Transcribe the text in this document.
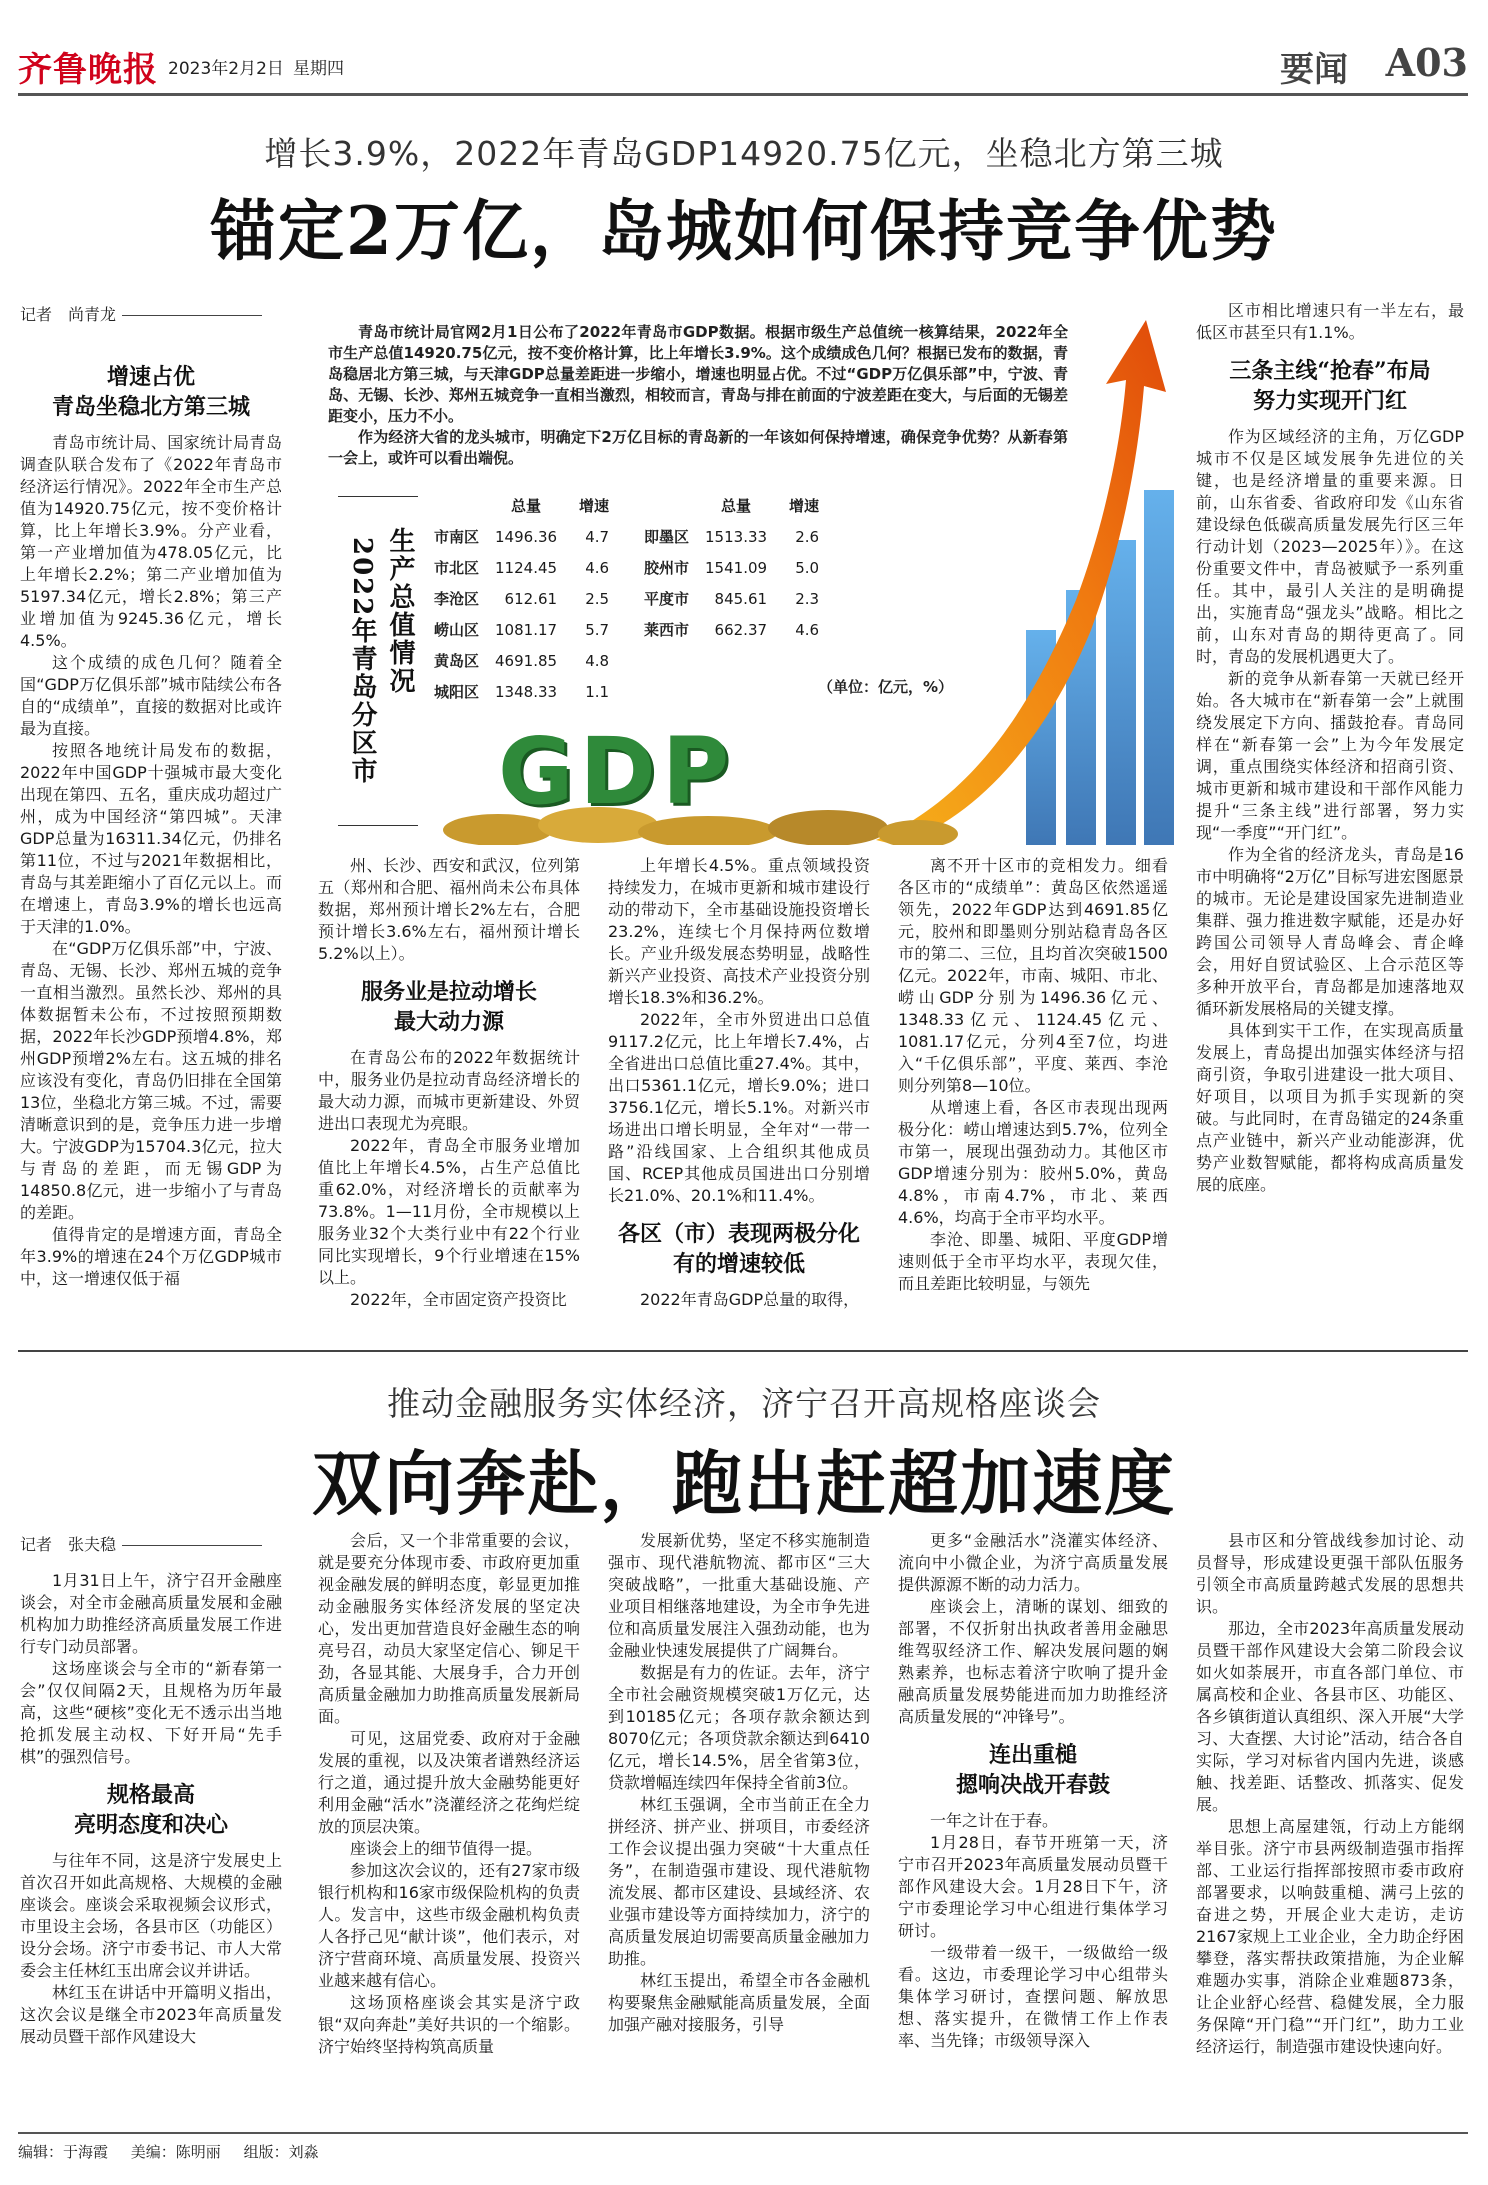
齐鲁晚报 2023年2月2日 星期四	要闻 A03
增长3.9%，2022年青岛GDP14920.75亿元，坐稳北方第三城
锚定2万亿，岛城如何保持竞争优势
记者　尚青龙
增速占优
青岛坐稳北方第三城

青岛市统计局、国家统计局青岛调查队联合发布了《2022年青岛市经济运行情况》。2022年全市生产总值为14920.75亿元，按不变价格计算，比上年增长3.9%。分产业看，第一产业增加值为478.05亿元，比上年增长2.2%；第二产业增加值为5197.34亿元，增长2.8%；第三产业增加值为9245.36亿元，增长4.5%。

这个成绩的成色几何？随着全国“GDP万亿俱乐部”城市陆续公布各自的“成绩单”，直接的数据对比或许最为直接。

按照各地统计局发布的数据，2022年中国GDP十强城市最大变化出现在第四、五名，重庆成功超过广州，成为中国经济“第四城”。天津GDP总量为16311.34亿元，仍排名第11位，不过与2021年数据相比，青岛与其差距缩小了百亿元以上。而在增速上，青岛3.9%的增长也远高于天津的1.0%。

在“GDP万亿俱乐部”中，宁波、青岛、无锡、长沙、郑州五城的竞争一直相当激烈。虽然长沙、郑州的具体数据暂未公布，不过按照预期数据，2022年长沙GDP预增4.8%，郑州GDP预增2%左右。这五城的排名应该没有变化，青岛仍旧排在全国第13位，坐稳北方第三城。不过，需要清晰意识到的是，竞争压力进一步增大。宁波GDP为15704.3亿元，拉大与青岛的差距，而无锡GDP为14850.8亿元，进一步缩小了与青岛的差距。

值得肯定的是增速方面，青岛全年3.9%的增速在24个万亿GDP城市中，这一增速仅低于福

青岛市统计局官网2月1日公布了2022年青岛市GDP数据。根据市级生产总值统一核算结果，2022年全市生产总值14920.75亿元，按不变价格计算，比上年增长3.9%。这个成绩成色几何？根据已发布的数据，青岛稳居北方第三城，与天津GDP总量差距进一步缩小，增速也明显占优。不过“GDP万亿俱乐部”中，宁波、青岛、无锡、长沙、郑州五城竞争一直相当激烈，相较而言，青岛与排在前面的宁波差距在变大，与后面的无锡差距变小，压力不小。

作为经济大省的龙头城市，明确定下2万亿目标的青岛新的一年该如何保持增速，确保竞争优势？从新春第一会上，或许可以看出端倪。

生产总值情况
2022年青岛分区市
	总量	增速
市南区	1496.36	4.7
市北区	1124.45	4.6
李沧区	612.61	2.5
崂山区	1081.17	5.7
黄岛区	4691.85	4.8
城阳区	1348.33	1.1
	总量	增速
即墨区	1513.33	2.6
胶州市	1541.09	5.0
平度市	845.61	2.3
莱西市	662.37	4.6
（单位：亿元，%）
GDP

州、长沙、西安和武汉，位列第五（郑州和合肥、福州尚未公布具体数据，郑州预计增长2%左右，合肥预计增长3.6%左右，福州预计增长5.2%以上）。

服务业是拉动增长
最大动力源

在青岛公布的2022年数据统计中，服务业仍是拉动青岛经济增长的最大动力源，而城市更新建设、外贸进出口表现尤为亮眼。

2022年，青岛全市服务业增加值比上年增长4.5%，占生产总值比重62.0%，对经济增长的贡献率为73.8%。1—11月份，全市规模以上服务业32个大类行业中有22个行业同比实现增长，9个行业增速在15%以上。

2022年，全市固定资产投资比

上年增长4.5%。重点领域投资持续发力，在城市更新和城市建设行动的带动下，全市基础设施投资增长23.2%，连续七个月保持两位数增长。产业升级发展态势明显，战略性新兴产业投资、高技术产业投资分别增长18.3%和36.2%。

2022年，全市外贸进出口总值9117.2亿元，比上年增长7.4%，占全省进出口总值比重27.4%。其中，出口5361.1亿元，增长9.0%；进口3756.1亿元，增长5.1%。对新兴市场进出口增长明显，全年对“一带一路”沿线国家、上合组织其他成员国、RCEP其他成员国进出口分别增长21.0%、20.1%和11.4%。

各区（市）表现两极分化
有的增速较低

2022年青岛GDP总量的取得，

离不开十区市的竞相发力。细看各区市的“成绩单”：黄岛区依然遥遥领先，2022年GDP达到4691.85亿元，胶州和即墨则分别站稳青岛各区市的第二、三位，且均首次突破1500亿元。2022年，市南、城阳、市北、崂山GDP分别为1496.36亿元、1348.33亿元、1124.45亿元、1081.17亿元，分列4至7位，均进入“千亿俱乐部”，平度、莱西、李沧则分列第8—10位。

从增速上看，各区市表现出现两极分化：崂山增速达到5.7%，位列全市第一，展现出强劲动力。其他区市GDP增速分别为：胶州5.0%，黄岛4.8%，市南4.7%，市北、莱西4.6%，均高于全市平均水平。

李沧、即墨、城阳、平度GDP增速则低于全市平均水平，表现欠佳，而且差距比较明显，与领先

区市相比增速只有一半左右，最低区市甚至只有1.1%。

三条主线“抢春”布局
努力实现开门红

作为区域经济的主角，万亿GDP城市不仅是区域发展争先进位的关键，也是经济增量的重要来源。日前，山东省委、省政府印发《山东省建设绿色低碳高质量发展先行区三年行动计划（2023—2025年）》。在这份重要文件中，青岛被赋予一系列重任。其中，最引人关注的是明确提出，实施青岛“强龙头”战略。相比之前，山东对青岛的期待更高了。同时，青岛的发展机遇更大了。

新的竞争从新春第一天就已经开始。各大城市在“新春第一会”上就围绕发展定下方向、擂鼓抢春。青岛同样在“新春第一会”上为今年发展定调，重点围绕实体经济和招商引资、城市更新和城市建设和干部作风能力提升“三条主线”进行部署，努力实现“一季度”“开门红”。

作为全省的经济龙头，青岛是16市中明确将“2万亿”目标写进宏图愿景的城市。无论是建设国家先进制造业集群、强力推进数字赋能，还是办好跨国公司领导人青岛峰会、青企峰会，用好自贸试验区、上合示范区等多种开放平台，青岛都是加速落地双循环新发展格局的关键支撑。

具体到实干工作，在实现高质量发展上，青岛提出加强实体经济与招商引资，争取引进建设一批大项目、好项目，以项目为抓手实现新的突破。与此同时，在青岛锚定的24条重点产业链中，新兴产业动能澎湃，优势产业数智赋能，都将构成高质量发展的底座。

推动金融服务实体经济，济宁召开高规格座谈会
双向奔赴，跑出赶超加速度
记者　张夫稳

1月31日上午，济宁召开金融座谈会，对全市金融高质量发展和金融机构加力助推经济高质量发展工作进行专门动员部署。

这场座谈会与全市的“新春第一会”仅仅间隔2天，且规格为历年最高，这些“硬核”变化无不透示出当地抢抓发展主动权、下好开局“先手棋”的强烈信号。

规格最高
亮明态度和决心

与往年不同，这是济宁发展史上首次召开如此高规格、大规模的金融座谈会。座谈会采取视频会议形式，市里设主会场，各县市区（功能区）设分会场。济宁市委书记、市人大常委会主任林红玉出席会议并讲话。

林红玉在讲话中开篇明义指出，这次会议是继全市2023年高质量发展动员暨干部作风建设大

会后，又一个非常重要的会议，就是要充分体现市委、市政府更加重视金融发展的鲜明态度，彰显更加推动金融服务实体经济发展的坚定决心，发出更加营造良好金融生态的响亮号召，动员大家坚定信心、铆足干劲，各显其能、大展身手，合力开创高质量金融加力助推高质量发展新局面。

可见，这届党委、政府对于金融发展的重视，以及决策者谱熟经济运行之道，通过提升放大金融势能更好利用金融“活水”浇灌经济之花绚烂绽放的顶层决策。

座谈会上的细节值得一提。

参加这次会议的，还有27家市级银行机构和16家市级保险机构的负责人。发言中，这些市级金融机构负责人各抒己见“献计谈”，他们表示，对济宁营商环境、高质量发展、投资兴业越来越有信心。

这场顶格座谈会其实是济宁政银“双向奔赴”美好共识的一个缩影。济宁始终坚持构筑高质量

发展新优势，坚定不移实施制造强市、现代港航物流、都市区“三大突破战略”，一批重大基础设施、产业项目相继落地建设，为全市争先进位和高质量发展注入强劲动能，也为金融业快速发展提供了广阔舞台。

数据是有力的佐证。去年，济宁全市社会融资规模突破1万亿元，达到10185亿元；各项存款余额达到8070亿元；各项贷款余额达到6410亿元，增长14.5%，居全省第3位，贷款增幅连续四年保持全省前3位。

林红玉强调，全市当前正在全力拼经济、拼产业、拼项目，市委经济工作会议提出强力突破“十大重点任务”，在制造强市建设、现代港航物流发展、都市区建设、县域经济、农业强市建设等方面持续加力，济宁的高质量发展迫切需要高质量金融加力助推。

林红玉提出，希望全市各金融机构要聚焦金融赋能高质量发展，全面加强产融对接服务，引导

更多“金融活水”浇灌实体经济、流向中小微企业，为济宁高质量发展提供源源不断的动力活力。

座谈会上，清晰的谋划、细致的部署，不仅折射出执政者善用金融思维驾驭经济工作、解决发展问题的娴熟素养，也标志着济宁吹响了提升金融高质量发展势能进而加力助推经济高质量发展的“冲锋号”。

连出重槌
摁响决战开春鼓

一年之计在于春。

1月28日，春节开班第一天，济宁市召开2023年高质量发展动员暨干部作风建设大会。1月28日下午，济宁市委理论学习中心组进行集体学习研讨。

一级带着一级干，一级做给一级看。这边，市委理论学习中心组带头集体学习研讨，查摆问题、解放思想、落实提升，在微情工作上作表率、当先锋；市级领导深入

县市区和分管战线参加讨论、动员督导，形成建设更强干部队伍服务引领全市高质量跨越式发展的思想共识。

那边，全市2023年高质量发展动员暨干部作风建设大会第二阶段会议如火如荼展开，市直各部门单位、市属高校和企业、各县市区、功能区、各乡镇街道认真组织、深入开展“大学习、大查摆、大讨论”活动，结合各自实际，学习对标省内国内先进，谈感触、找差距、话整改、抓落实、促发展。

思想上高屋建瓴，行动上方能纲举目张。济宁市县两级制造强市指挥部、工业运行指挥部按照市委市政府部署要求，以响鼓重槌、满弓上弦的奋进之势，开展企业大走访，走访2167家规上工业企业，全力助企纾困攀登，落实帮扶政策措施，为企业解难题办实事，消除企业难题873条，让企业舒心经营、稳健发展，全力服务保障“开门稳”“开门红”，助力工业经济运行，制造强市建设快速向好。

编辑：于海霞 美编：陈明丽 组版：刘淼
